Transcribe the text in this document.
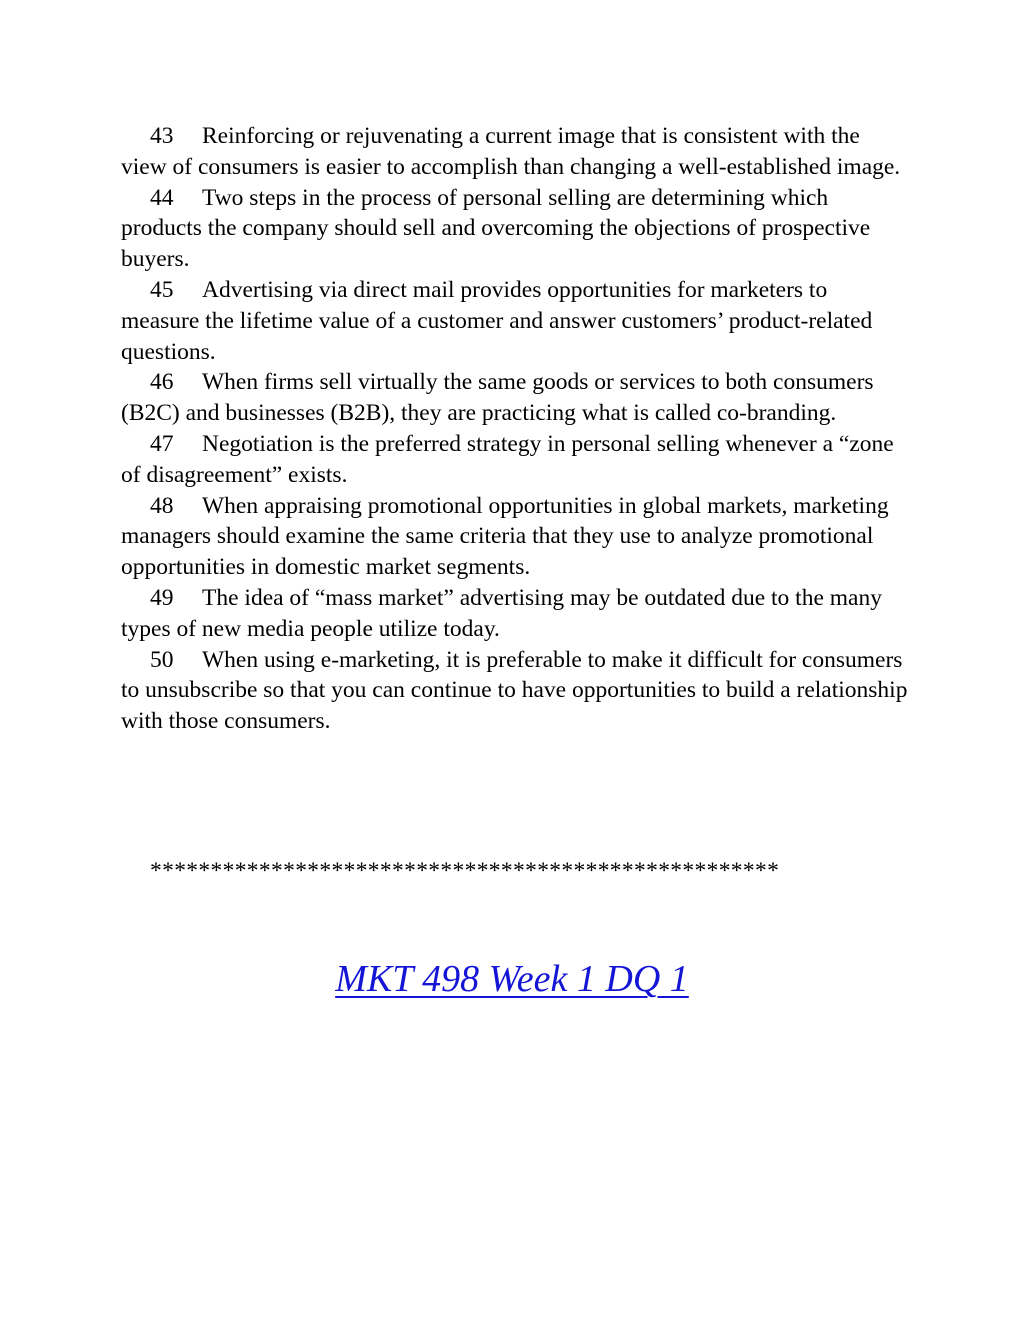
43 Reinforcing or rejuvenating a current image that is consistent with the view of consumers is easier to accomplish than changing a well-established image.

44 Two steps in the process of personal selling are determining which products the company should sell and overcoming the objections of prospective buyers.

45 Advertising via direct mail provides opportunities for marketers to measure the lifetime value of a customer and answer customers’ product-related questions.

46 When firms sell virtually the same goods or services to both consumers (B2C) and businesses (B2B), they are practicing what is called co-branding.

47 Negotiation is the preferred strategy in personal selling whenever a “zone of disagreement” exists.

48 When appraising promotional opportunities in global markets, marketing managers should examine the same criteria that they use to analyze promotional opportunities in domestic market segments.

49 The idea of “mass market” advertising may be outdated due to the many types of new media people utilize today.

50 When using e-marketing, it is preferable to make it difficult for consumers to unsubscribe so that you can continue to have opportunities to build a relationship with those consumers.

****************************************************
MKT 498 Week 1 DQ 1
